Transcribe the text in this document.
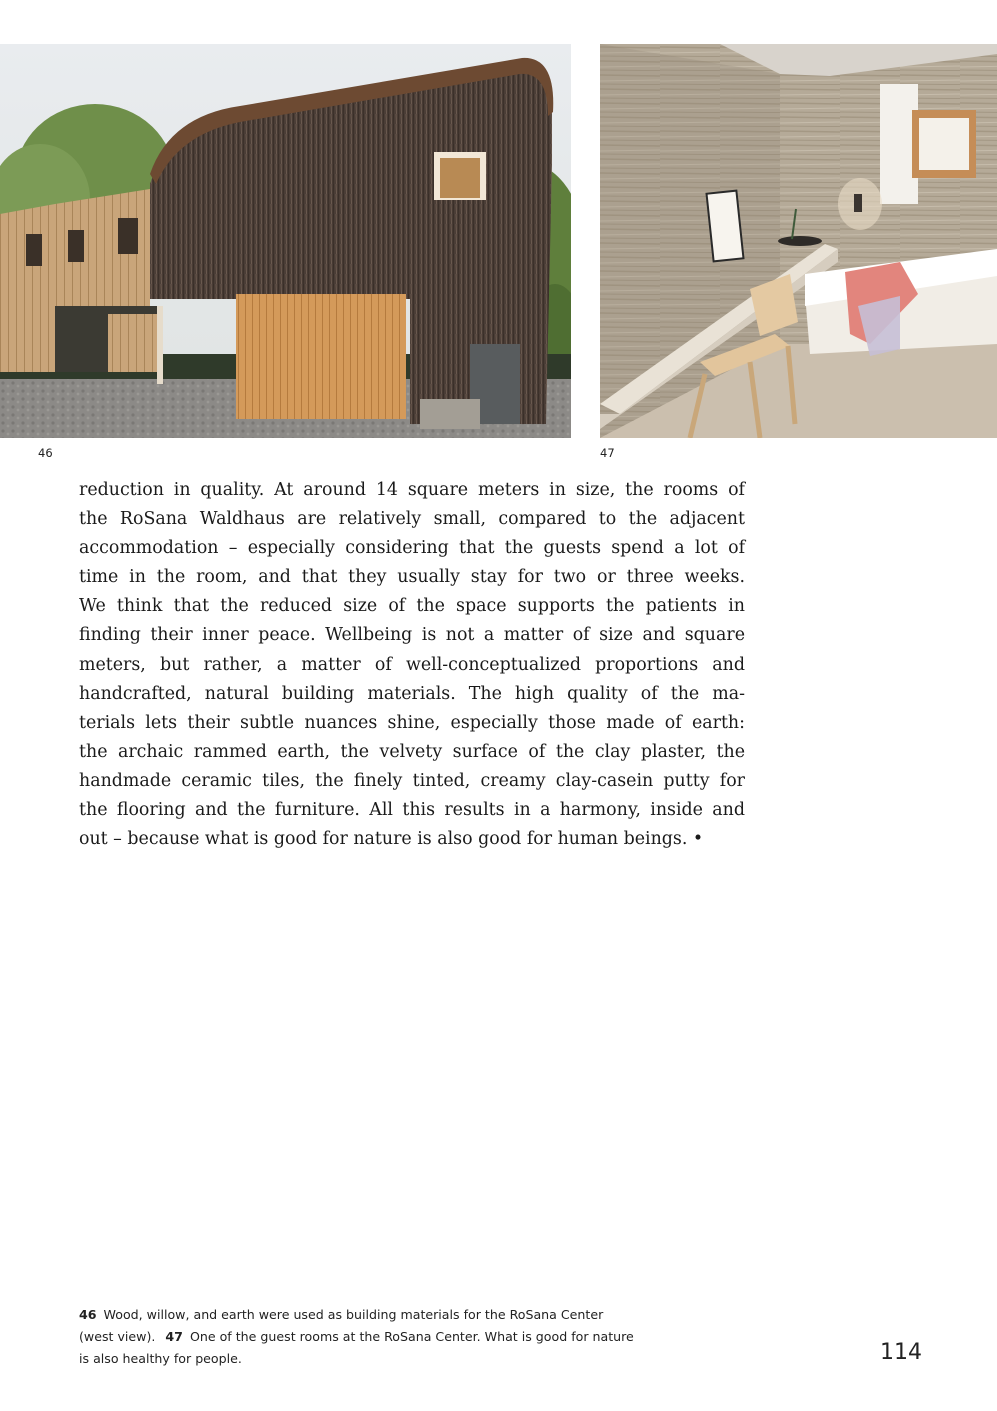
46	47
reduction in quality. At around 14 square meters in size, the rooms of
the RoSana Waldhaus are relatively small, compared to the adjacent
accommodation – especially considering that the guests spend a lot of
time in the room, and that they usually stay for two or three weeks.
We think that the reduced size of the space supports the patients in
finding their inner peace. Wellbeing is not a matter of size and square
meters, but rather, a matter of well-conceptualized proportions and
handcrafted, natural building materials. The high quality of the ma-
terials lets their subtle nuances shine, especially those made of earth:
the archaic rammed earth, the velvety surface of the clay plaster, the
handmade ceramic tiles, the finely tinted, creamy clay-casein putty for
the flooring and the furniture. All this results in a harmony, inside and
out – because what is good for nature is also good for human beings. •
46 Wood, willow, and earth were used as building materials for the RoSana Center
(west view). 47 One of the guest rooms at the RoSana Center. What is good for nature
is also healthy for people.	114
